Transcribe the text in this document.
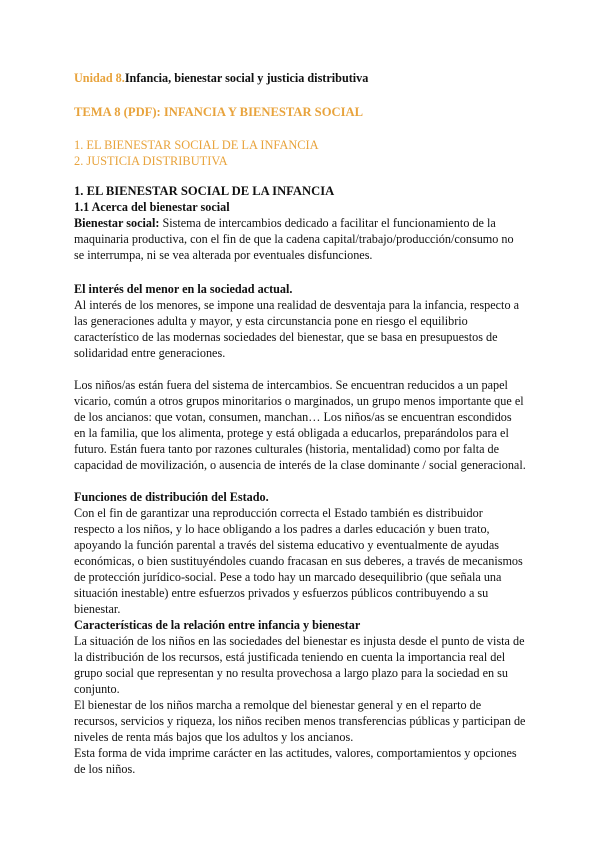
Unidad 8.Infancia, bienestar social y justicia distributiva
TEMA 8 (PDF): INFANCIA Y BIENESTAR SOCIAL
1. EL BIENESTAR SOCIAL DE LA INFANCIA
2. JUSTICIA DISTRIBUTIVA
1. EL BIENESTAR SOCIAL DE LA INFANCIA
1.1 Acerca del bienestar social
Bienestar social: Sistema de intercambios dedicado a facilitar el funcionamiento de la maquinaria productiva, con el fin de que la cadena capital/trabajo/producción/consumo no se interrumpa, ni se vea alterada por eventuales disfunciones.
El interés del menor en la sociedad actual.
Al interés de los menores, se impone una realidad de desventaja para la infancia, respecto a las generaciones adulta y mayor, y esta circunstancia pone en riesgo el equilibrio característico de las modernas sociedades del bienestar, que se basa en presupuestos de solidaridad entre generaciones.
Los niños/as están fuera del sistema de intercambios. Se encuentran reducidos a un papel vicario, común a otros grupos minoritarios o marginados, un grupo menos importante que el de los ancianos: que votan, consumen, manchan… Los niños/as se encuentran escondidos en la familia, que los alimenta, protege y está obligada a educarlos, preparándolos para el futuro. Están fuera tanto por razones culturales (historia, mentalidad) como por falta de capacidad de movilización, o ausencia de interés de la clase dominante / social generacional.
Funciones de distribución del Estado.
Con el fin de garantizar una reproducción correcta el Estado también es distribuidor respecto a los niños, y lo hace obligando a los padres a darles educación y buen trato, apoyando la función parental a través del sistema educativo y eventualmente de ayudas económicas, o bien sustituyéndoles cuando fracasan en sus deberes, a través de mecanismos de protección jurídico-social. Pese a todo hay un marcado desequilibrio (que señala una situación inestable) entre esfuerzos privados y esfuerzos públicos contribuyendo a su bienestar.
Características de la relación entre infancia y bienestar
La situación de los niños en las sociedades del bienestar es injusta desde el punto de vista de la distribución de los recursos, está justificada teniendo en cuenta la importancia real del grupo social que representan y no resulta provechosa a largo plazo para la sociedad en su conjunto.
El bienestar de los niños marcha a remolque del bienestar general y en el reparto de recursos, servicios y riqueza, los niños reciben menos transferencias públicas y participan de niveles de renta más bajos que los adultos y los ancianos.
Esta forma de vida imprime carácter en las actitudes, valores, comportamientos y opciones de los niños.
